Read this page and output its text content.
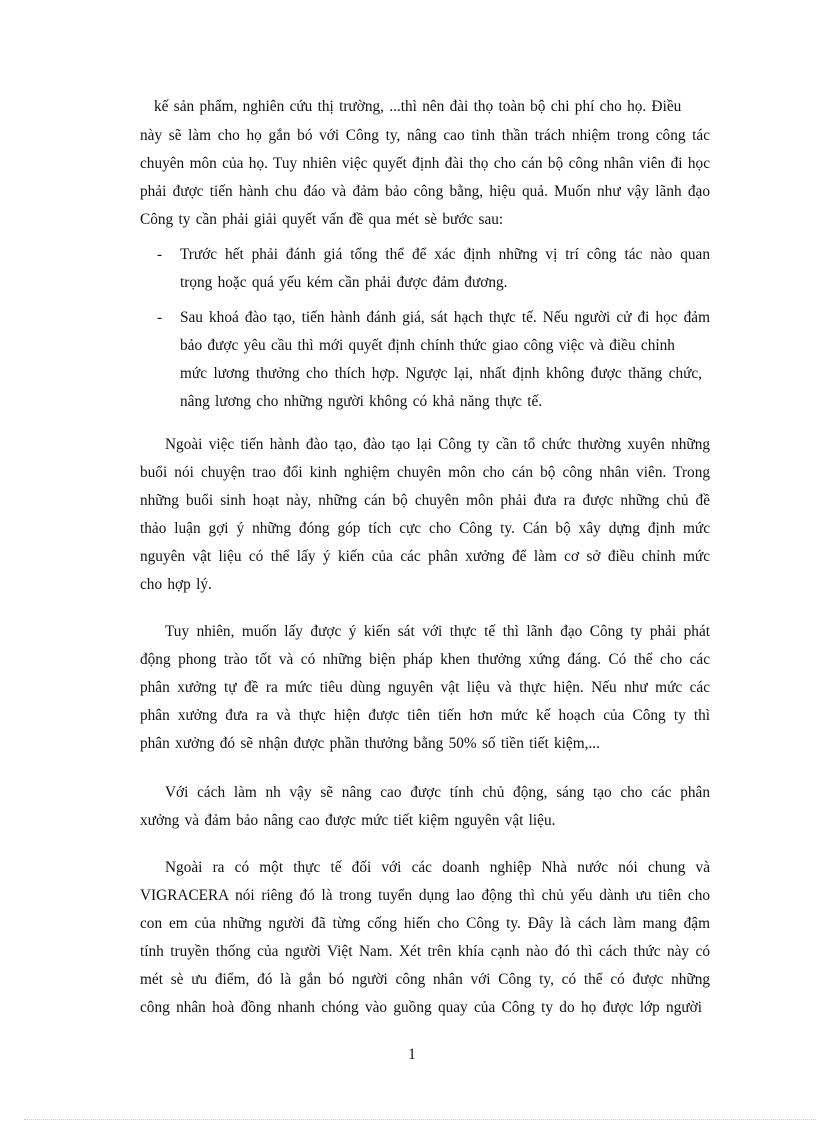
kế sản phẩm, nghiên cứu thị trường, ...thì nên đài thọ toàn bộ chi phí cho họ. Điều

này sẽ làm cho họ gắn bó với Công ty, nâng cao tinh thần trách nhiệm trong công tác

chuyên môn của họ. Tuy nhiên việc quyết định đài thọ cho cán bộ công nhân viên đi học

phải được tiến hành chu đáo và đảm bảo công bằng, hiệu quả. Muốn như vậy lãnh đạo

Công ty cần phải giải quyết vấn đề qua mét sè bước sau:

- Trước hết phải đánh giá tổng thể để xác định những vị trí công tác nào quan

trọng hoặc quá yếu kém cần phải được đảm đương.

- Sau khoá đào tạo, tiến hành đánh giá, sát hạch thực tế. Nếu người cử đi học đảm

bảo được yêu cầu thì mới quyết định chính thức giao công việc và điều chỉnh

mức lương thưởng cho thích hợp. Ngược lại, nhất định không được thăng chức,

nâng lương cho những người không có khả năng thực tế.

Ngoài việc tiến hành đào tạo, đào tạo lại Công ty cần tổ chức thường xuyên những

buổi nói chuyện trao đổi kinh nghiệm chuyên môn cho cán bộ công nhân viên. Trong

những buổi sinh hoạt này, những cán bộ chuyên môn phải đưa ra được những chủ đề

thảo luận gợi ý những đóng góp tích cực cho Công ty. Cán bộ xây dựng định mức

nguyên vật liệu có thể lấy ý kiến của các phân xưởng để làm cơ sở điều chỉnh mức

cho hợp lý.

Tuy nhiên, muốn lấy được ý kiến sát với thực tế thì lãnh đạo Công ty phải phát

động phong trào tốt và có những biện pháp khen thưởng xứng đáng. Có thể cho các

phân xưởng tự đề ra mức tiêu dùng nguyên vật liệu và thực hiện. Nếu như mức các

phân xưởng đưa ra và thực hiện được tiên tiến hơn mức kế hoạch của Công ty thì

phân xưởng đó sẽ nhận được phần thưởng bằng 50% số tiền tiết kiệm,...

Với cách làm nh vậy sẽ nâng cao được tính chủ động, sáng tạo cho các phân

xưởng và đảm bảo nâng cao được mức tiết kiệm nguyên vật liệu.

Ngoài ra có một thực tế đối với các doanh nghiệp Nhà nước nói chung và

VIGRACERA nói riêng đó là trong tuyển dụng lao động thì chủ yếu dành ưu tiên cho

con em của những người đã từng cống hiến cho Công ty. Đây là cách làm mang đậm

tính truyền thống của người Việt Nam. Xét trên khía cạnh nào đó thì cách thức này có

mét sè ưu điểm, đó là gắn bó người công nhân với Công ty, có thể có được những

công nhân hoà đồng nhanh chóng vào guồng quay của Công ty do họ được lớp người

1
